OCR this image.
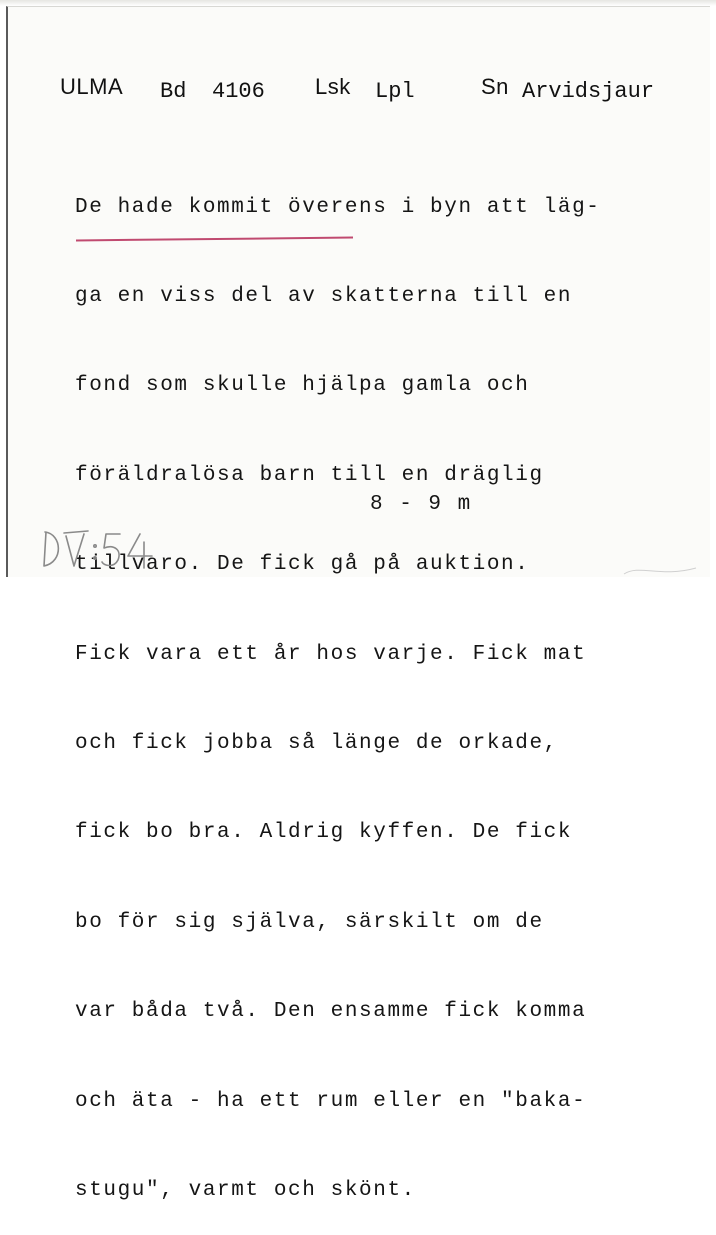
ULMA Bd 4106 Lsk Lpl	Sn Arvidsjaur

De hade kommit överens i byn att läg-

ga en viss del av skatterna till en

fond som skulle hjälpa gamla och

föräldralösa barn till en dräglig

tillvaro. De fick gå på auktion.

Fick vara ett år hos varje. Fick mat

och fick jobba så länge de orkade,

fick bo bra. Aldrig kyffen. De fick

bo för sig själva, särskilt om de

var båda två. Den ensamme fick komma

och äta - ha ett rum eller en "baka-

stugu", varmt och skönt.

8 - 9 m
